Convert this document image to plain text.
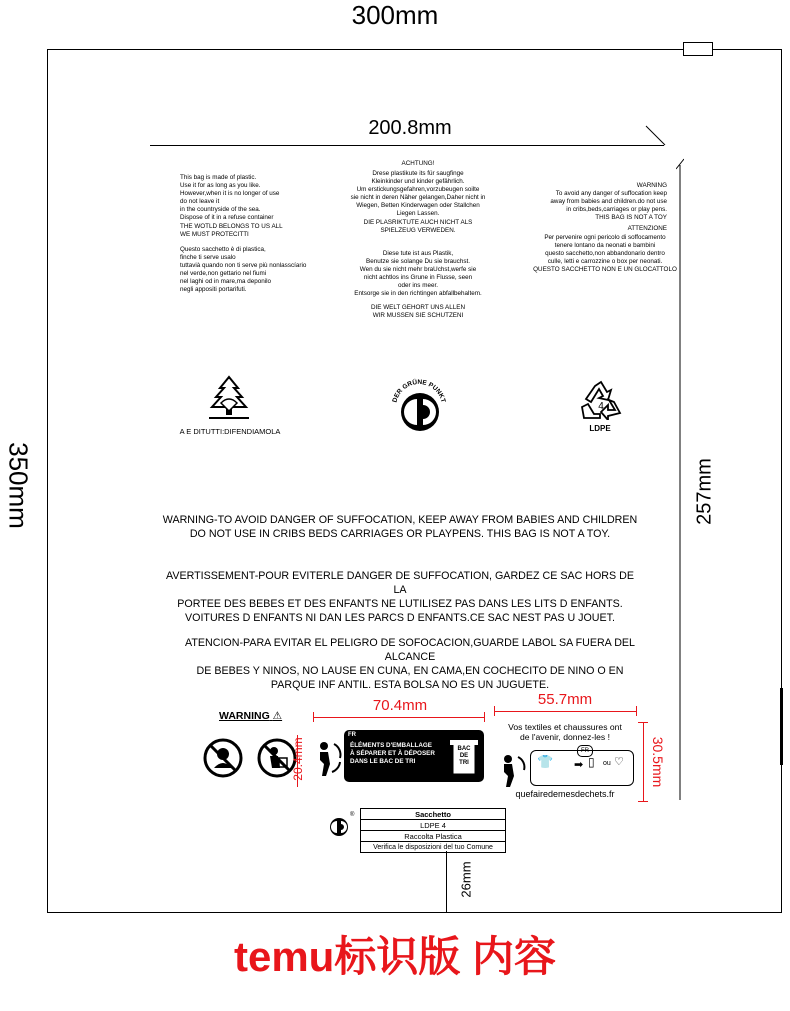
300mm
350mm
200.8mm
257mm
This bag is made of plastic.
Use it for as long as you like.
However,when it is no longer of use
do not leave it
in the countryside of the sea.
Dispose of it in a refuse container
THE WOTLD BELONGS TO US ALL
WE MUST PROTECITTI
Questo sacchetto è di plastica,
finche ti serve usalo
tuttavià quando non ti serve più nonlasscíario
nel verde,non gettario nel fiumi
nel laghi od in mare,ma deponilo
negli appositi portarifuti.
ACHTUNG!
Drese plastikute its für saugfinge
Kleinkinder und kinder gefährlich.
Um erstickungsgefahren,vorzubeugen soilte
sie nicht in deren Näher gelangen,Daher nicht in
Wiegen, Betten Kinderwagen oder Stallchen
Liegen Lassen.
DIE PLASRIKTUTE AUCH NICHT ALS
SPIELZEUG VERWEDEN.
Diese tute ist aus Plastik,
Benutze sie solange Du sie brauchst.
Wen du sie nicht mehr braUchst,werfe sie
nicht achtlos ins Grune in Flusse, seen
oder ins meer.
Entsorge sie in den richtingen abfallbehaltem.
DIE WELT GEHORT UNS ALLEN
WIR MUSSEN SIE SCHUTZENI
WARNING
To avoid any danger of suffocation keep
away from babies and children.do not use
in cribs,beds,carriages or play pens.
THIS BAG IS NOT A TOY
ATTENZIONE
Per pervenire ogni pericolo di soffocamento
tenere lontano da neonati e bambini
questo sacchetto,non abbandonario dentro
culle, letti e carrozzine o box per neonati.
QUESTO SACCHETTO NON E UN GLOCATTOLO
A E DITUTTI:DIFENDIAMOLA
DER GRÜNE PUNKT
4
LDPE
WARNING-TO AVOID DANGER OF SUFFOCATION, KEEP AWAY FROM BABIES AND CHILDREN
DO NOT USE IN CRIBS BEDS CARRIAGES OR PLAYPENS. THIS BAG IS NOT A TOY.
AVERTISSEMENT-POUR EVITERLE DANGER DE SUFFOCATION, GARDEZ CE SAC HORS DE LA
PORTEE DES BEBES ET DES ENFANTS NE LUTILISEZ PAS DANS LES LITS D ENFANTS.
VOITURES D ENFANTS NI DAN LES PARCS D ENFANTS.CE SAC NEST PAS U JOUET.
ATENCION-PARA EVITAR EL PELIGRO DE SOFOCACION,GUARDE LABOL SA FUERA DEL ALCANCE
DE BEBES Y NINOS, NO LAUSE EN CUNA, EN CAMA,EN COCHECITO DE NINO O EN
PARQUE INF ANTIL. ESTA BOLSA NO ES UN JUGUETE.
WARNING ⚠
70.4mm	55.7mm
30.5mm
20.4mm
FR
ÉLÉMENTS D'EMBALLAGE
À SÉPARER ET À DÉPOSER
DANS LE BAC DE TRI
BAC
DE
TRI
Vos textiles et chaussures ont
de l'avenir, donnez-les !
FR
👕 ➡ ▯ ou ♡
quefairedemesdechets.fr
®	Sacchetto
LDPE 4
Raccolta Plastica
Verifica le disposizioni del tuo Comune
26mm
temu标识版 内容
